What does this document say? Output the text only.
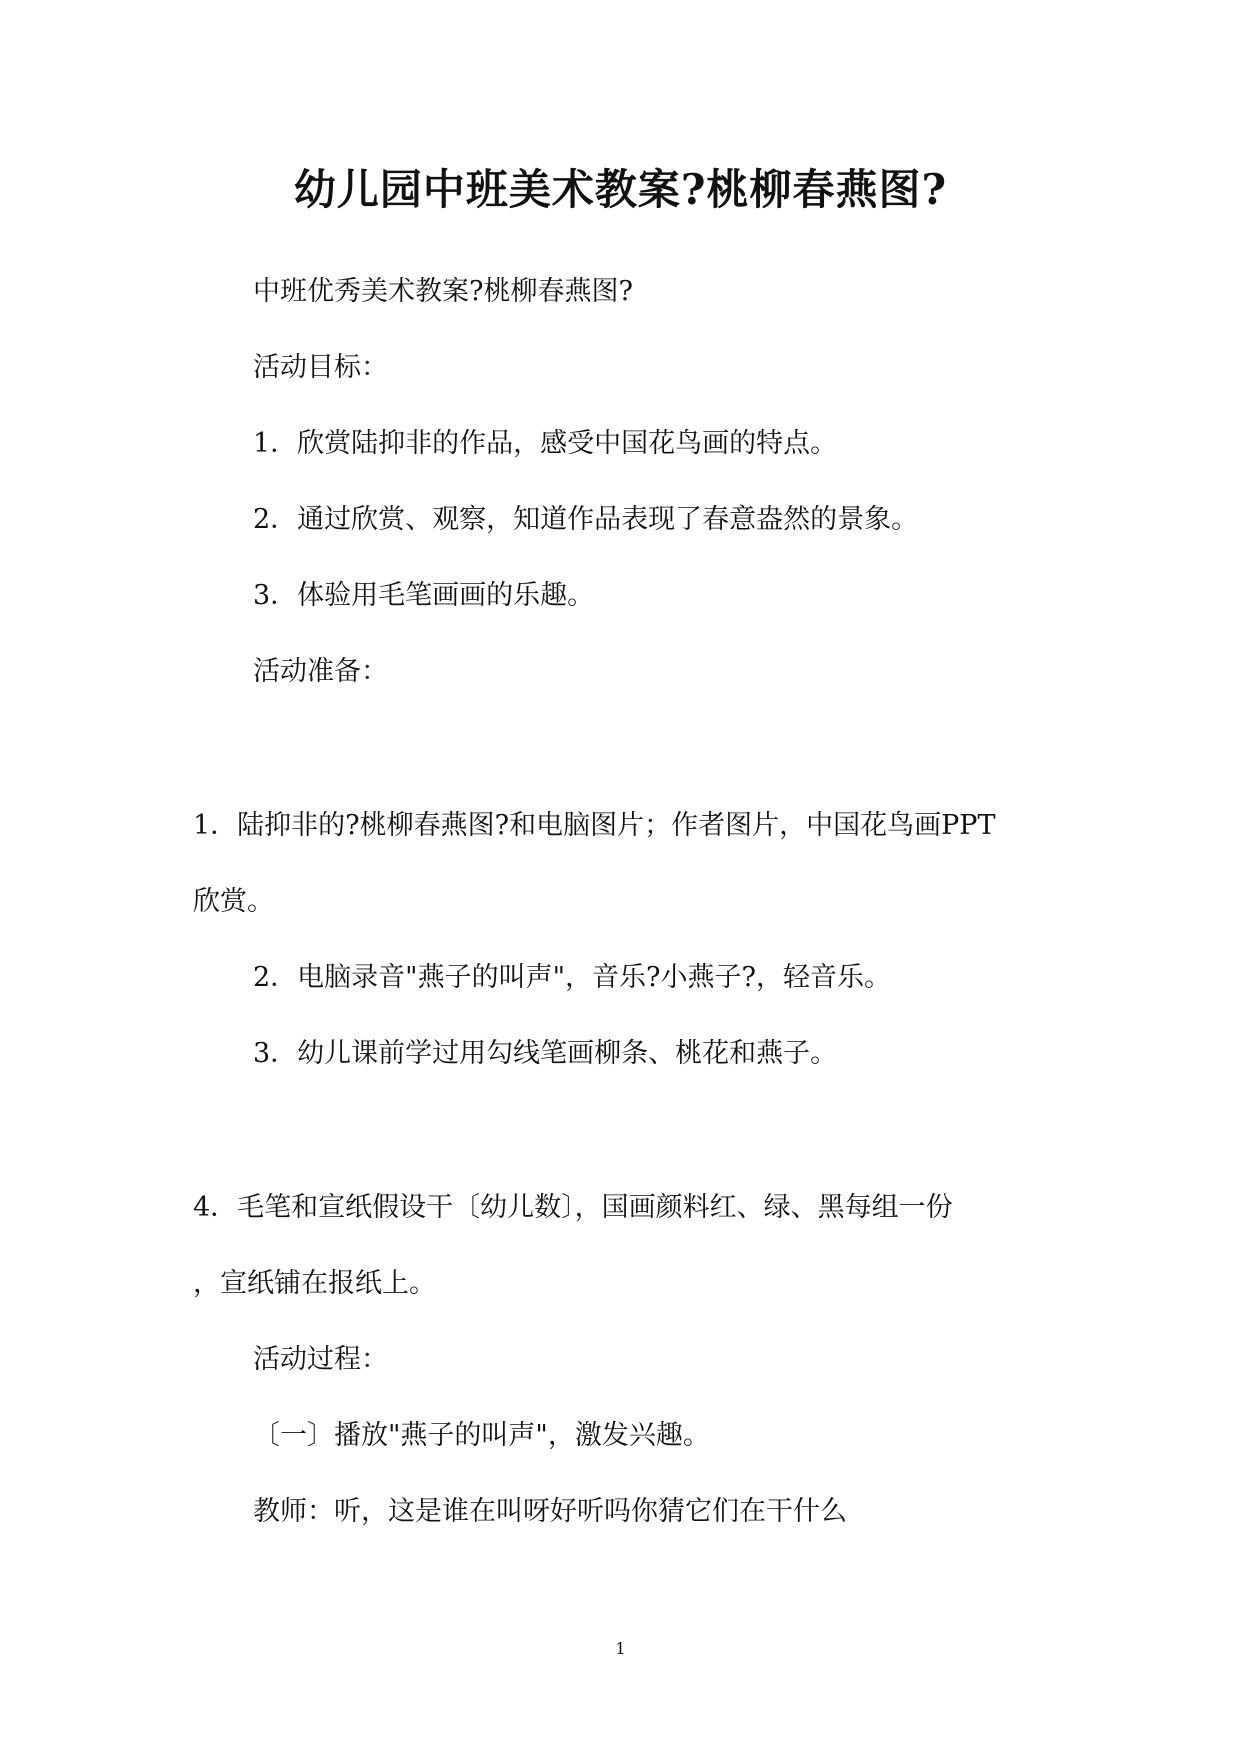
幼儿园中班美术教案?桃柳春燕图?
中班优秀美术教案?桃柳春燕图?
活动目标：
1．欣赏陆抑非的作品，感受中国花鸟画的特点。
2．通过欣赏、观察，知道作品表现了春意盎然的景象。
3．体验用毛笔画画的乐趣。
活动准备：
1．陆抑非的?桃柳春燕图?和电脑图片；作者图片，中国花鸟画PPT
欣赏。
2．电脑录音"燕子的叫声"，音乐?小燕子?，轻音乐。
3．幼儿课前学过用勾线笔画柳条、桃花和燕子。
4．毛笔和宣纸假设干〔幼儿数〕，国画颜料红、绿、黑每组一份
，宣纸铺在报纸上。
活动过程：
〔一〕播放"燕子的叫声"，激发兴趣。
教师：听，这是谁在叫呀好听吗你猜它们在干什么
1
